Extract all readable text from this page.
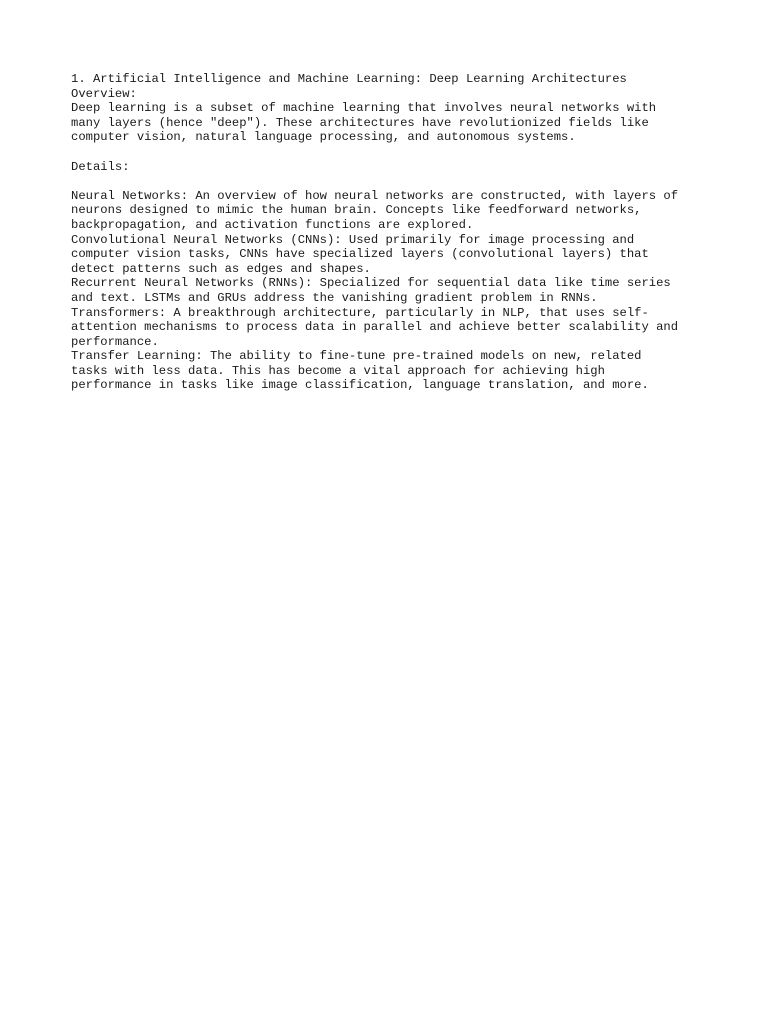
1. Artificial Intelligence and Machine Learning: Deep Learning Architectures
Overview:
Deep learning is a subset of machine learning that involves neural networks with
many layers (hence "deep"). These architectures have revolutionized fields like
computer vision, natural language processing, and autonomous systems.
Details:
Neural Networks: An overview of how neural networks are constructed, with layers of
neurons designed to mimic the human brain. Concepts like feedforward networks,
backpropagation, and activation functions are explored.
Convolutional Neural Networks (CNNs): Used primarily for image processing and
computer vision tasks, CNNs have specialized layers (convolutional layers) that
detect patterns such as edges and shapes.
Recurrent Neural Networks (RNNs): Specialized for sequential data like time series
and text. LSTMs and GRUs address the vanishing gradient problem in RNNs.
Transformers: A breakthrough architecture, particularly in NLP, that uses self-
attention mechanisms to process data in parallel and achieve better scalability and
performance.
Transfer Learning: The ability to fine-tune pre-trained models on new, related
tasks with less data. This has become a vital approach for achieving high
performance in tasks like image classification, language translation, and more.
